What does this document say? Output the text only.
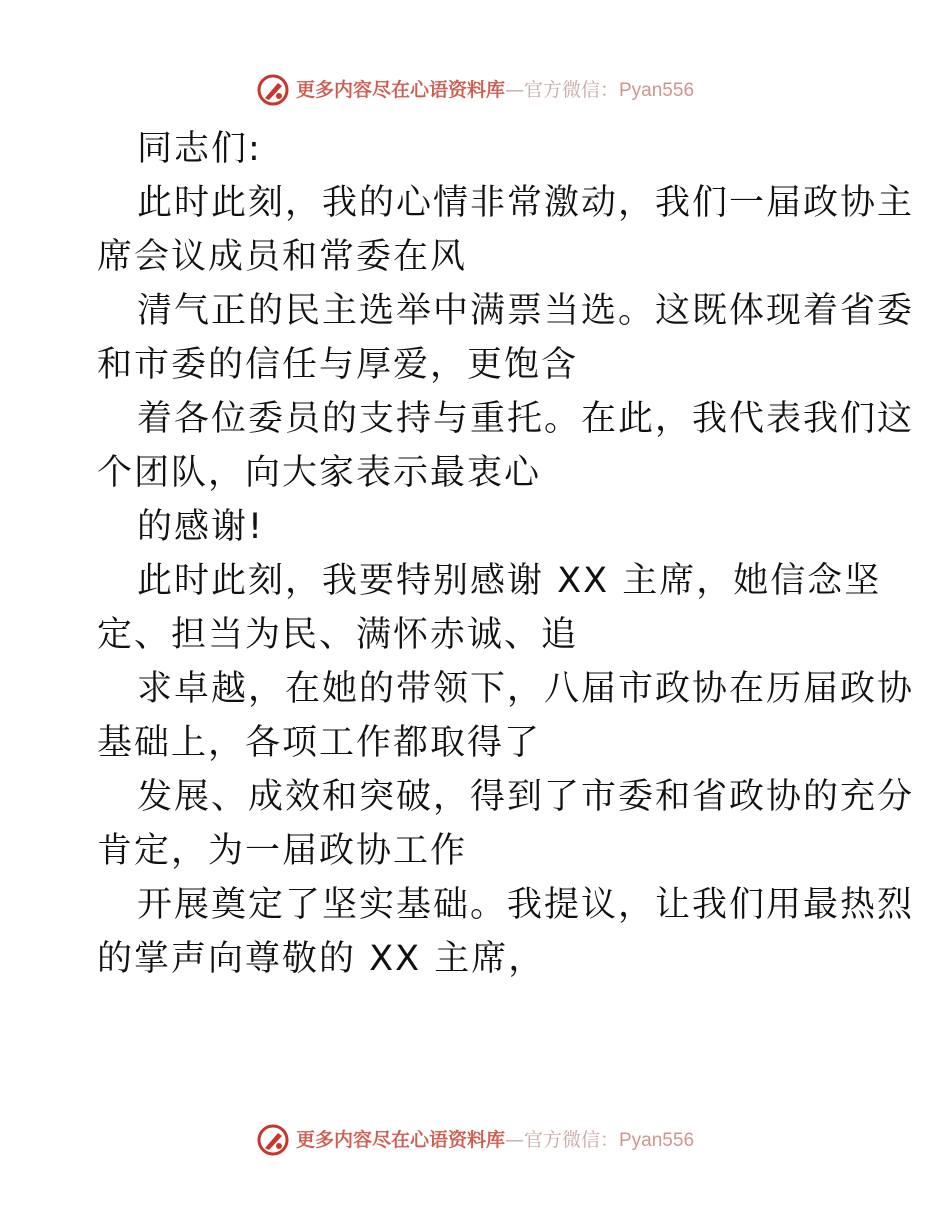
更多内容尽在心语资料库—官方微信：Pyan556
同志们:
此时此刻，我的心情非常激动，我们一届政协主
席会议成员和常委在风
清气正的民主选举中满票当选。这既体现着省委
和市委的信任与厚爱，更饱含
着各位委员的支持与重托。在此，我代表我们这
个团队，向大家表示最衷心
的感谢!
此时此刻，我要特别感谢 XX 主席，她信念坚
定、担当为民、满怀赤诚、追
求卓越，在她的带领下，八届市政协在历届政协
基础上，各项工作都取得了
发展、成效和突破，得到了市委和省政协的充分
肯定，为一届政协工作
开展奠定了坚实基础。我提议，让我们用最热烈
的掌声向尊敬的 XX 主席，
更多内容尽在心语资料库—官方微信：Pyan556
